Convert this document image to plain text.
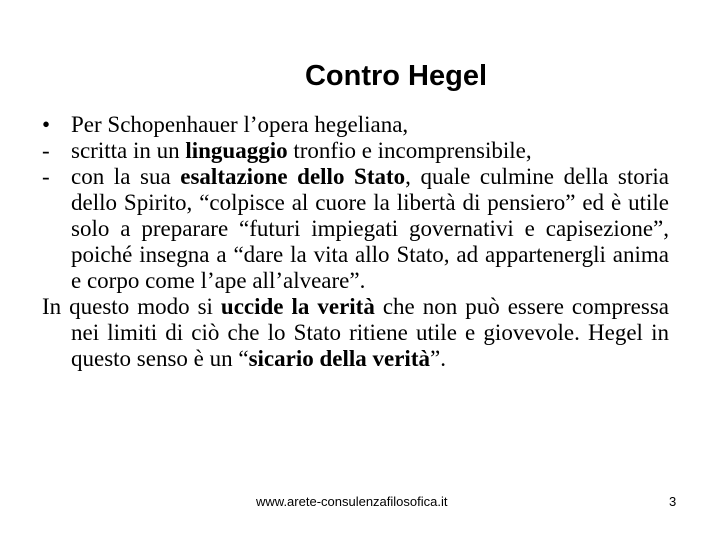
Contro Hegel
• Per Schopenhauer l’opera hegeliana,
- scritta in un linguaggio tronfio e incomprensibile,
- con la sua esaltazione dello Stato, quale culmine della storia dello Spirito, “colpisce al cuore la libertà di pensiero” ed è utile solo a preparare “futuri impiegati governativi e capisezione”, poiché insegna a “dare la vita allo Stato, ad appartenergli anima e corpo come l’ape all’alveare”.
In questo modo si uccide la verità che non può essere compressa nei limiti di ciò che lo Stato ritiene utile e giovevole. Hegel in questo senso è un “sicario della verità”.
www.arete-consulenzafilosofica.it	3
